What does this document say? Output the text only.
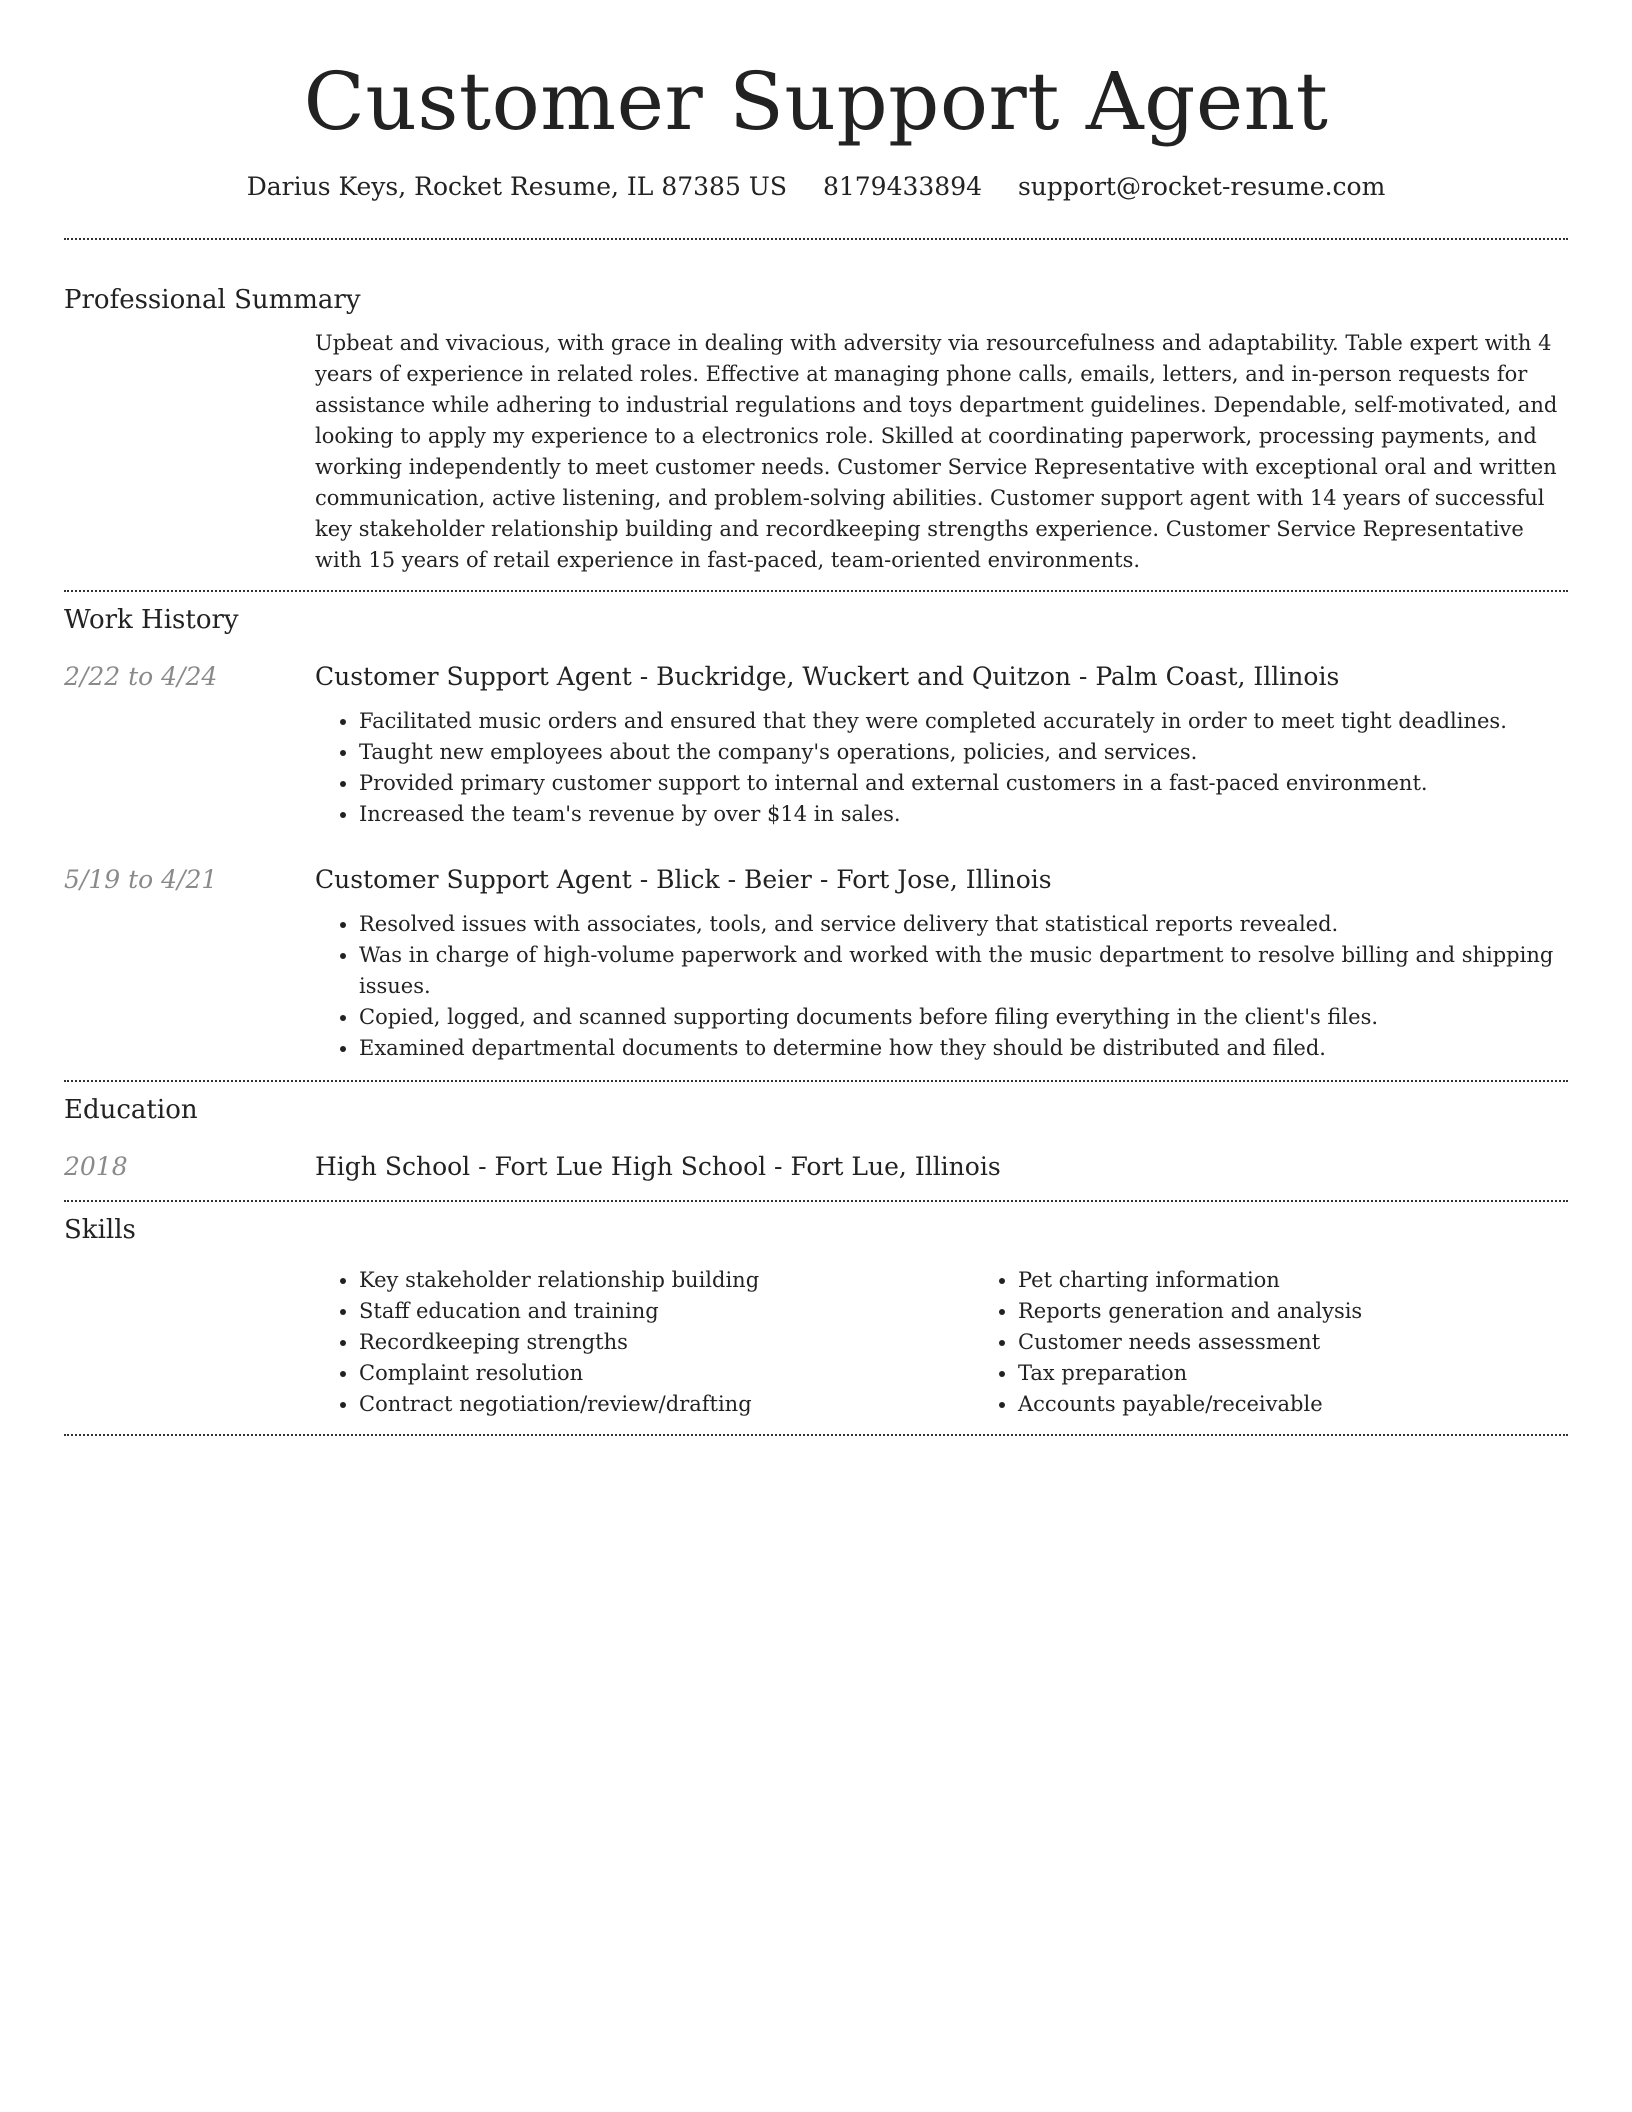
Customer Support Agent
Darius Keys, Rocket Resume, IL 87385 US 8179433894 support@rocket-resume.com
Professional Summary
Upbeat and vivacious, with grace in dealing with adversity via resourcefulness and adaptability. Table expert with 4 years of experience in related roles. Effective at managing phone calls, emails, letters, and in-person requests for assistance while adhering to industrial regulations and toys department guidelines. Dependable, self-motivated, and looking to apply my experience to a electronics role. Skilled at coordinating paperwork, processing payments, and working independently to meet customer needs. Customer Service Representative with exceptional oral and written communication, active listening, and problem-solving abilities. Customer support agent with 14 years of successful key stakeholder relationship building and recordkeeping strengths experience. Customer Service Representative with 15 years of retail experience in fast-paced, team-oriented environments.
Work History
2/22 to 4/24	Customer Support Agent - Buckridge, Wuckert and Quitzon - Palm Coast, Illinois
• Facilitated music orders and ensured that they were completed accurately in order to meet tight deadlines.
• Taught new employees about the company's operations, policies, and services.
• Provided primary customer support to internal and external customers in a fast-paced environment.
• Increased the team's revenue by over $14 in sales.
5/19 to 4/21	Customer Support Agent - Blick - Beier - Fort Jose, Illinois
• Resolved issues with associates, tools, and service delivery that statistical reports revealed.
• Was in charge of high-volume paperwork and worked with the music department to resolve billing and shipping issues.
• Copied, logged, and scanned supporting documents before filing everything in the client's files.
• Examined departmental documents to determine how they should be distributed and filed.
Education
2018	High School - Fort Lue High School - Fort Lue, Illinois
Skills
• Key stakeholder relationship building
• Staff education and training
• Recordkeeping strengths
• Complaint resolution
• Contract negotiation/review/drafting
• Pet charting information
• Reports generation and analysis
• Customer needs assessment
• Tax preparation
• Accounts payable/receivable
